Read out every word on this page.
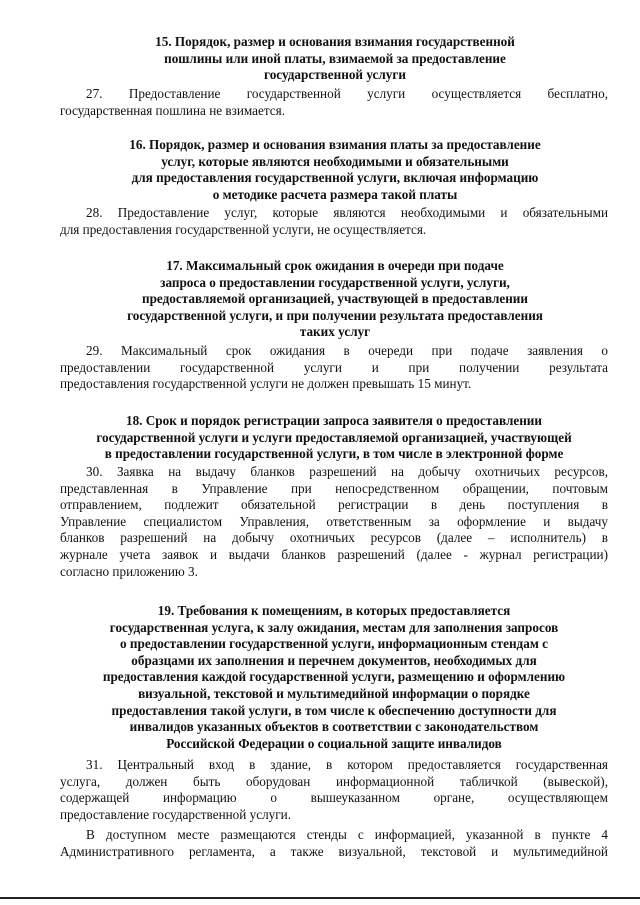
15. Порядок, размер и основания взимания государственной
пошлины или иной платы, взимаемой за предоставление
государственной услуги
27. Предоставление государственной услуги осуществляется бесплатно,
государственная пошлина не взимается.
16. Порядок, размер и основания взимания платы за предоставление
услуг, которые являются необходимыми и обязательными
для предоставления государственной услуги, включая информацию
о методике расчета размера такой платы
28. Предоставление услуг, которые являются необходимыми и обязательными
для предоставления государственной услуги, не осуществляется.
17. Максимальный срок ожидания в очереди при подаче
запроса о предоставлении государственной услуги, услуги,
предоставляемой организацией, участвующей в предоставлении
государственной услуги, и при получении результата предоставления
таких услуг
29. Максимальный срок ожидания в очереди при подаче заявления о
предоставлении государственной услуги и при получении результата
предоставления государственной услуги не должен превышать 15 минут.
18. Срок и порядок регистрации запроса заявителя о предоставлении
государственной услуги и услуги предоставляемой организацией, участвующей
в предоставлении государственной услуги, в том числе в электронной форме
30. Заявка на выдачу бланков разрешений на добычу охотничьих ресурсов,
представленная в Управление при непосредственном обращении, почтовым
отправлением, подлежит обязательной регистрации в день поступления в
Управление специалистом Управления, ответственным за оформление и выдачу
бланков разрешений на добычу охотничьих ресурсов (далее – исполнитель) в
журнале учета заявок и выдачи бланков разрешений (далее - журнал регистрации)
согласно приложению 3.
19. Требования к помещениям, в которых предоставляется
государственная услуга, к залу ожидания, местам для заполнения запросов
о предоставлении государственной услуги, информационным стендам с
образцами их заполнения и перечнем документов, необходимых для
предоставления каждой государственной услуги, размещению и оформлению
визуальной, текстовой и мультимедийной информации о порядке
предоставления такой услуги, в том числе к обеспечению доступности для
инвалидов указанных объектов в соответствии с законодательством
Российской Федерации о социальной защите инвалидов
31. Центральный вход в здание, в котором предоставляется государственная
услуга, должен быть оборудован информационной табличкой (вывеской),
содержащей информацию о вышеуказанном органе, осуществляющем
предоставление государственной услуги.
В доступном месте размещаются стенды с информацией, указанной в пункте 4
Административного регламента, а также визуальной, текстовой и мультимедийной
